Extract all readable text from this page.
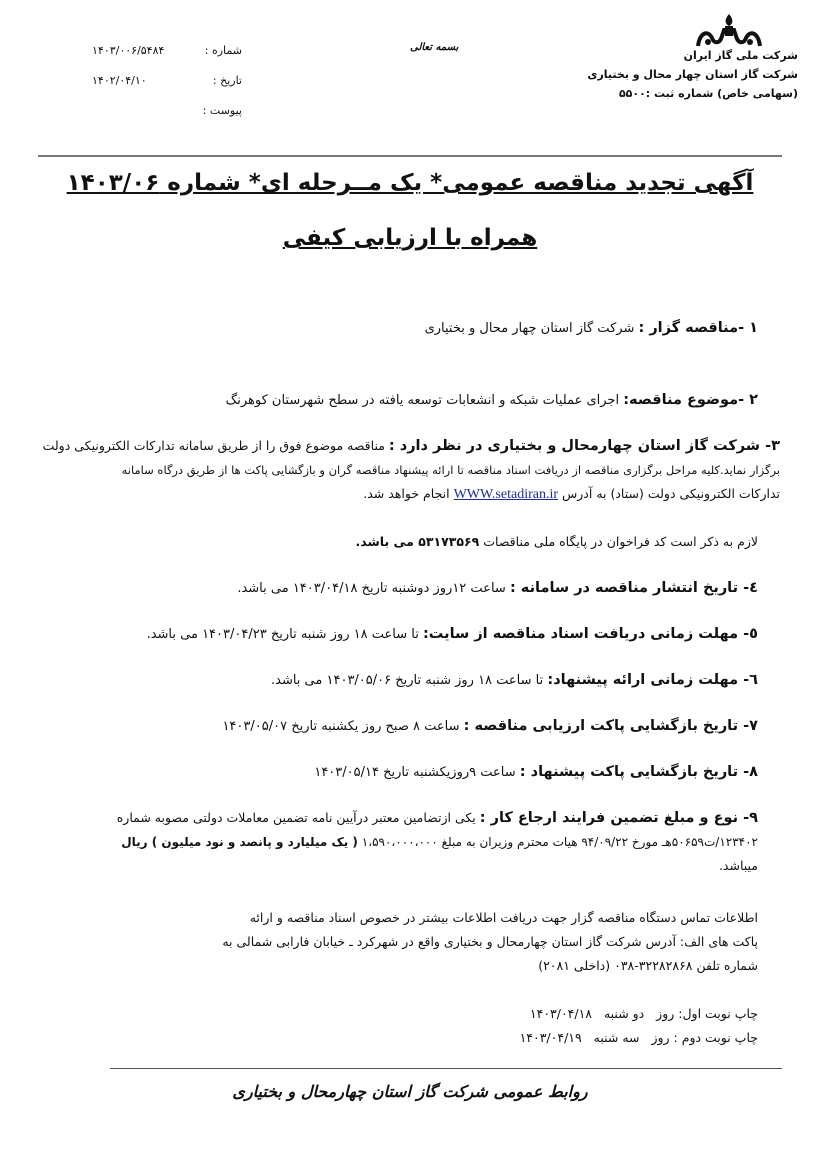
شرکت ملی گاز ایران
شرکت گاز استان چهار محال و بختیاری
(سهامی خاص) شماره ثبت :۵۵۰۰
بسمه تعالی
شماره :
۱۴۰۳/۰۰۶/۵۴۸۴
تاریخ :
۱۴۰۲/۰۴/۱۰
پیوست :
آگهی تجدید مناقصه عمومی* یک مــرحله ای* شماره ۱۴۰۳/۰۶
همراه با ارزیابی کیفی
۱ -مناقصه گزار : شرکت گاز استان چهار محال و بختیاری
۲ -موضوع مناقصه: اجرای عملیات شبکه و انشعابات توسعه یافته در سطح شهرستان کوهرنگ
۳- شرکت گاز استان چهارمحال و بختیاری در نظر دارد : مناقصه موضوع فوق را از طریق سامانه تدارکات الکترونیکی دولت
برگزار نماید.کلیه مراحل برگزاری مناقصه از دریافت اسناد مناقصه تا ارائه پیشنهاد مناقصه گران و بازگشایی پاکت ها از طریق درگاه سامانه
تدارکات الکترونیکی دولت (ستاد) به آدرس WWW.setadiran.ir انجام خواهد شد.
لازم به ذکر است کد فراخوان در پایگاه ملی مناقصات ۵۳۱۷۳۵۶۹ می باشد.
٤- تاریخ انتشار مناقصه در سامانه : ساعت ۱۲روز دوشنبه تاریخ ۱۴۰۳/۰۴/۱۸ می باشد.
٥- مهلت زمانی دریافت اسناد مناقصه از سایت: تا ساعت ۱۸ روز شنبه تاریخ ۱۴۰۳/۰۴/۲۳ می باشد.
٦- مهلت زمانی ارائه پیشنهاد: تا ساعت ۱۸ روز شنبه تاریخ ۱۴۰۳/۰۵/۰۶ می باشد.
۷- تاریخ بازگشایی پاکت ارزیابی مناقصه : ساعت ۸ صبح روز یکشنبه تاریخ ۱۴۰۳/۰۵/۰۷
۸- تاریخ بازگشایی پاکت پیشنهاد : ساعت ۹روزیکشنبه تاریخ ۱۴۰۳/۰۵/۱۴
۹- نوع و مبلغ تضمین فرایند ارجاع کار : یکی ازتضامین معتبر درآیین نامه تضمین معاملات دولتی مصوبه شماره
۱۲۳۴۰۲/ت۵۰۶۵۹هـ مورخ ۹۴/۰۹/۲۲ هیات محترم وزیران به مبلغ ۱،۵۹۰،۰۰۰،۰۰۰ ( یک میلیارد و پانصد و نود میلیون ) ریال
میباشد.
اطلاعات تماس دستگاه مناقصه گزار جهت دریافت اطلاعات بیشتر در خصوص اسناد مناقصه و ارائه
پاکت های الف: آدرس شرکت گاز استان چهارمحال و بختیاری واقع در شهرکرد ـ خیابان فارابی شمالی به
شماره تلفن ۳۲۲۸۲۸۶۸-۰۳۸ (داخلی ۲۰۸۱)
چاپ نوبت اول: روز   دو شنبه   ۱۴۰۳/۰۴/۱۸
چاپ نوبت دوم : روز   سه شنبه   ۱۴۰۳/۰۴/۱۹
روابط عمومی شرکت گاز استان چهارمحال و بختیاری
